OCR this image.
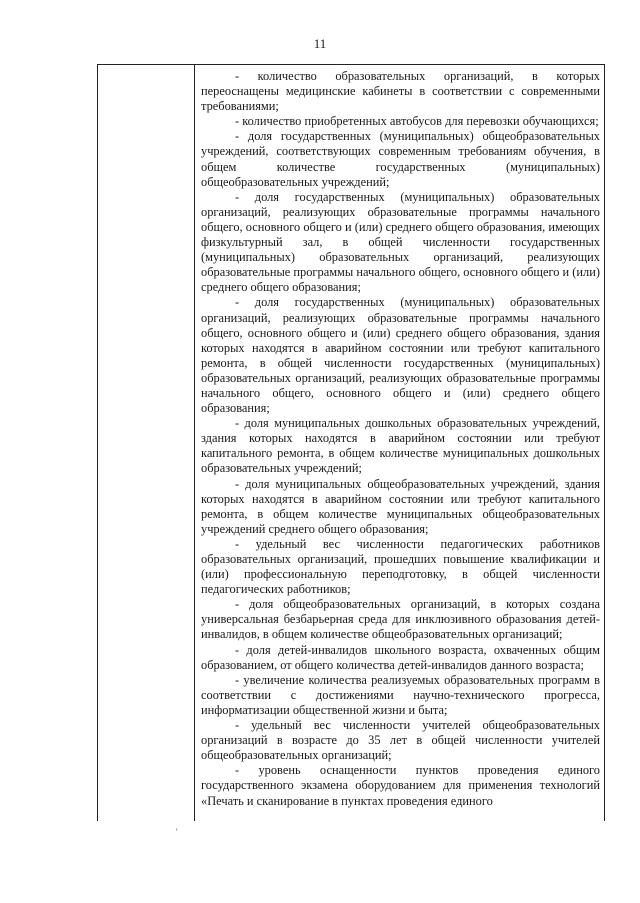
11

- количество образовательных организаций, в которых переоснащены медицинские кабинеты в соответствии с современными требованиями;

- количество приобретенных автобусов для перевозки обучающихся;

- доля государственных (муниципальных) общеобразовательных учреждений, соответствующих современным требованиям обучения, в общем количестве государственных (муниципальных) общеобразовательных учреждений;

- доля государственных (муниципальных) образовательных организаций, реализующих образовательные программы начального общего, основного общего и (или) среднего общего образования, имеющих физкультурный зал, в общей численности государственных (муниципальных) образовательных организаций, реализующих образовательные программы начального общего, основного общего и (или) среднего общего образования;

- доля государственных (муниципальных) образовательных организаций, реализующих образовательные программы начального общего, основного общего и (или) среднего общего образования, здания которых находятся в аварийном состоянии или требуют капитального ремонта, в общей численности государственных (муниципальных) образовательных организаций, реализующих образовательные программы начального общего, основного общего и (или) среднего общего образования;

- доля муниципальных дошкольных образовательных учреждений, здания которых находятся в аварийном состоянии или требуют капитального ремонта, в общем количестве муниципальных дошкольных образовательных учреждений;

- доля муниципальных общеобразовательных учреждений, здания которых находятся в аварийном состоянии или требуют капитального ремонта, в общем количестве муниципальных общеобразовательных учреждений среднего общего образования;

- удельный вес численности педагогических работников образовательных организаций, прошедших повышение квалификации и (или) профессиональную переподготовку, в общей численности педагогических работников;

- доля общеобразовательных организаций, в которых создана универсальная безбарьерная среда для инклюзивного образования детей-инвалидов, в общем количестве общеобразовательных организаций;

- доля детей-инвалидов школьного возраста, охваченных общим образованием, от общего количества детей-инвалидов данного возраста;

- увеличение количества реализуемых образовательных программ в соответствии с достижениями научно-технического прогресса, информатизации общественной жизни и быта;

- удельный вес численности учителей общеобразовательных организаций в возрасте до 35 лет в общей численности учителей общеобразовательных организаций;

- уровень оснащенности пунктов проведения единого государственного экзамена оборудованием для применения технологий «Печать и сканирование в пунктах проведения единого

'
